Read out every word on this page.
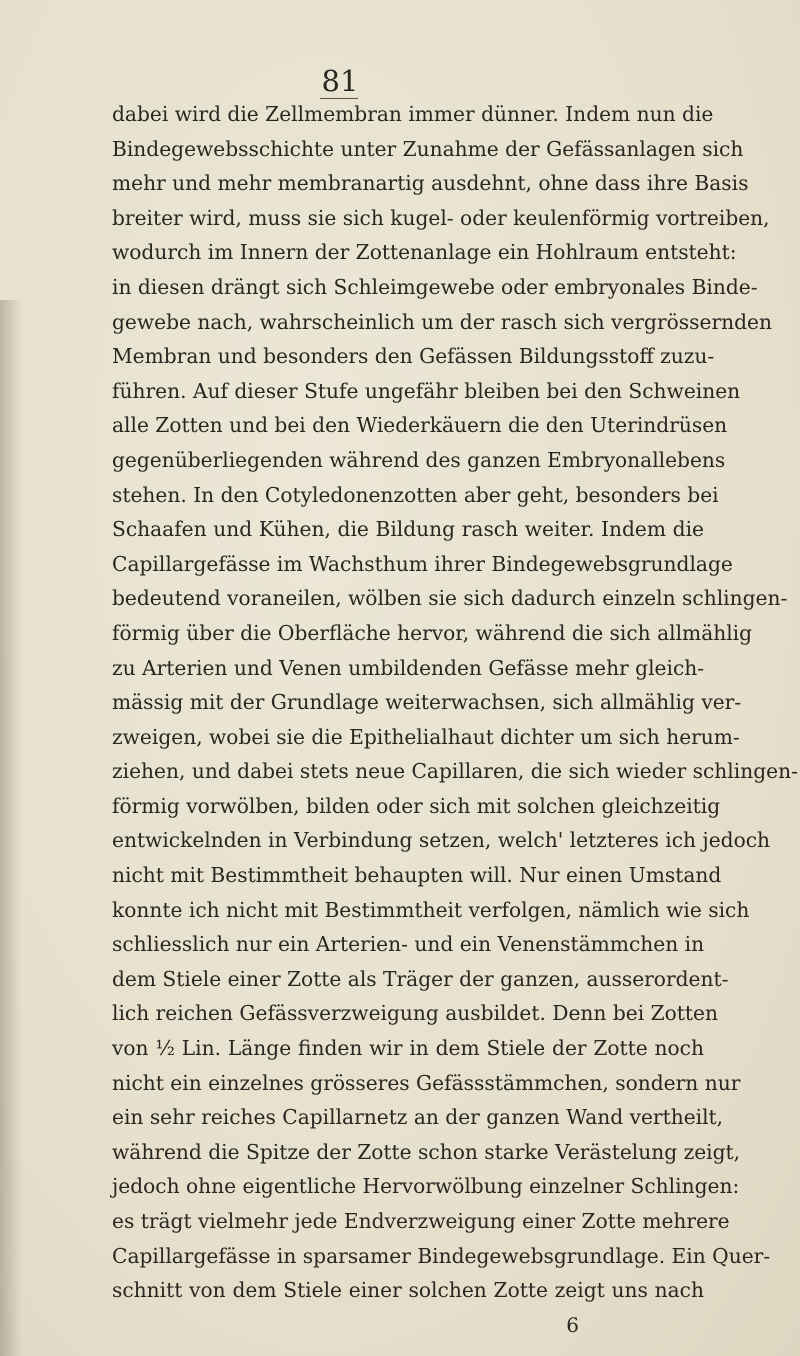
81
dabei wird die Zellmembran immer dünner. Indem nun die
Bindegewebsschichte unter Zunahme der Gefässanlagen sich
mehr und mehr membranartig ausdehnt, ohne dass ihre Basis
breiter wird, muss sie sich kugel- oder keulenförmig vortreiben,
wodurch im Innern der Zottenanlage ein Hohlraum entsteht:
in diesen drängt sich Schleimgewebe oder embryonales Binde-
gewebe nach, wahrscheinlich um der rasch sich vergrössernden
Membran und besonders den Gefässen Bildungsstoff zuzu-
führen. Auf dieser Stufe ungefähr bleiben bei den Schweinen
alle Zotten und bei den Wiederkäuern die den Uterindrüsen
gegenüberliegenden während des ganzen Embryonallebens
stehen. In den Cotyledonenzotten aber geht, besonders bei
Schaafen und Kühen, die Bildung rasch weiter. Indem die
Capillargefässe im Wachsthum ihrer Bindegewebsgrundlage
bedeutend voraneilen, wölben sie sich dadurch einzeln schlingen-
förmig über die Oberfläche hervor, während die sich allmählig
zu Arterien und Venen umbildenden Gefässe mehr gleich-
mässig mit der Grundlage weiterwachsen, sich allmählig ver-
zweigen, wobei sie die Epithelialhaut dichter um sich herum-
ziehen, und dabei stets neue Capillaren, die sich wieder schlingen-
förmig vorwölben, bilden oder sich mit solchen gleichzeitig
entwickelnden in Verbindung setzen, welch' letzteres ich jedoch
nicht mit Bestimmtheit behaupten will. Nur einen Umstand
konnte ich nicht mit Bestimmtheit verfolgen, nämlich wie sich
schliesslich nur ein Arterien- und ein Venenstämmchen in
dem Stiele einer Zotte als Träger der ganzen, ausserordent-
lich reichen Gefässverzweigung ausbildet. Denn bei Zotten
von ½ Lin. Länge finden wir in dem Stiele der Zotte noch
nicht ein einzelnes grösseres Gefässstämmchen, sondern nur
ein sehr reiches Capillarnetz an der ganzen Wand vertheilt,
während die Spitze der Zotte schon starke Verästelung zeigt,
jedoch ohne eigentliche Hervorwölbung einzelner Schlingen:
es trägt vielmehr jede Endverzweigung einer Zotte mehrere
Capillargefässe in sparsamer Bindegewebsgrundlage. Ein Quer-
schnitt von dem Stiele einer solchen Zotte zeigt uns nach
6
